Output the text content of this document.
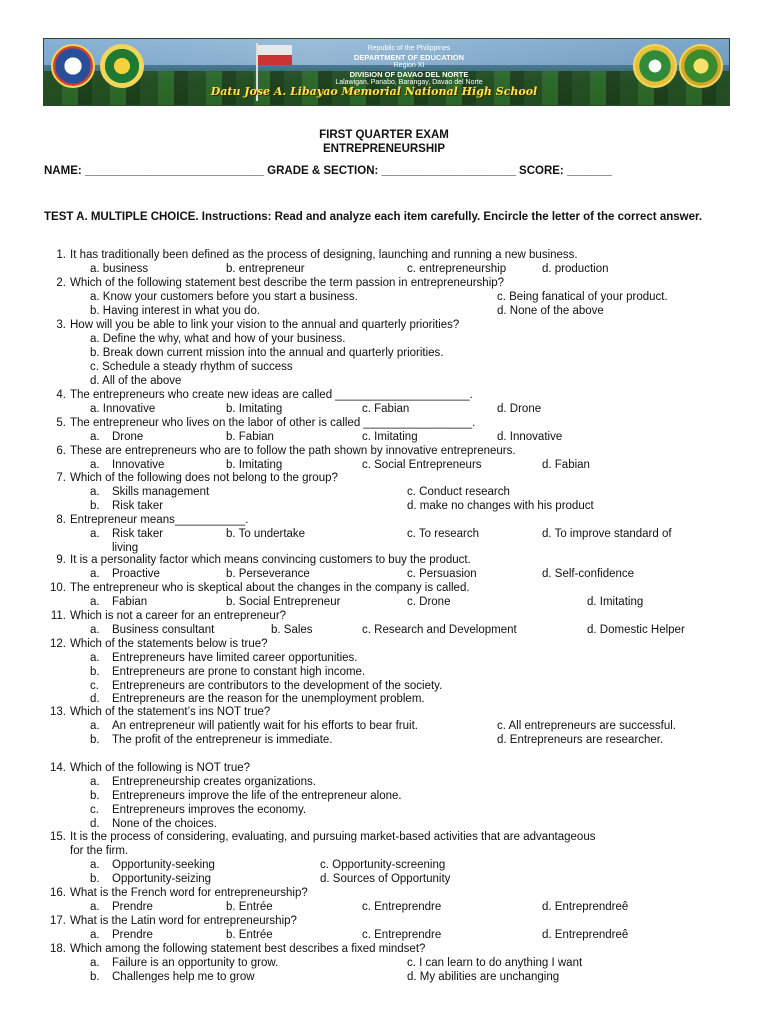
Republic of the Philippines
DEPARTMENT OF EDUCATION
Region XI
DIVISION OF DAVAO DEL NORTE
Lalawigan, Panabo, Barangay, Davao del Norte
Datu Jose A. Libayao Memorial National High School
FIRST QUARTER EXAM
ENTREPRENEURSHIP
NAME: ____________________________ GRADE & SECTION: _____________________ SCORE: _______
TEST A. MULTIPLE CHOICE. Instructions: Read and analyze each item carefully. Encircle the letter of the correct answer.
1. It has traditionally been defined as the process of designing, launching and running a new business.
a. business	b. entrepreneur	c. entrepreneurship	d. production
2. Which of the following statement best describe the term passion in entrepreneurship?
a. Know your customers before you start a business.	c. Being fanatical of your product.
b. Having interest in what you do.	d. None of the above
3. How will you be able to link your vision to the annual and quarterly priorities?
a. Define the why, what and how of your business.
b. Break down current mission into the annual and quarterly priorities.
c. Schedule a steady rhythm of success
d. All of the above
4. The entrepreneurs who create new ideas are called _____________________.
a. Innovative	b. Imitating	c. Fabian	d. Drone
5. The entrepreneur who lives on the labor of other is called _________________.
a. Drone	b. Fabian	c. Imitating	d. Innovative
6. These are entrepreneurs who are to follow the path shown by innovative entrepreneurs.
a. Innovative	b. Imitating	c. Social Entrepreneurs	d. Fabian
7. Which of the following does not belong to the group?
a. Skills management	c. Conduct research
b. Risk taker	d. make no changes with his product
8. Entrepreneur means___________.
a. Risk taker	b. To undertake	c. To research	d. To improve standard of
living
9. It is a personality factor which means convincing customers to buy the product.
a. Proactive	b. Perseverance	c. Persuasion	d. Self-confidence
10. The entrepreneur who is skeptical about the changes in the company is called.
a. Fabian	b. Social Entrepreneur	c. Drone	d. Imitating
11. Which is not a career for an entrepreneur?
a. Business consultant	b. Sales	c. Research and Development	d. Domestic Helper
12. Which of the statements below is true?
a. Entrepreneurs have limited career opportunities.
b. Entrepreneurs are prone to constant high income.
c. Entrepreneurs are contributors to the development of the society.
d. Entrepreneurs are the reason for the unemployment problem.
13. Which of the statement’s ins NOT true?
a. An entrepreneur will patiently wait for his efforts to bear fruit.	c. All entrepreneurs are successful.
b. The profit of the entrepreneur is immediate.	d. Entrepreneurs are researcher.
14. Which of the following is NOT true?
a. Entrepreneurship creates organizations.
b. Entrepreneurs improve the life of the entrepreneur alone.
c. Entrepreneurs improves the economy.
d. None of the choices.
15. It is the process of considering, evaluating, and pursuing market-based activities that are advantageous
for the firm.
a. Opportunity-seeking	c. Opportunity-screening
b. Opportunity-seizing	d. Sources of Opportunity
16. What is the French word for entrepreneurship?
a. Prendre	b. Entrée	c. Entreprendre	d. Entreprendreê
17. What is the Latin word for entrepreneurship?
a. Prendre	b. Entrée	c. Entreprendre	d. Entreprendreê
18. Which among the following statement best describes a fixed mindset?
a. Failure is an opportunity to grow.	c. I can learn to do anything I want
b. Challenges help me to grow	d. My abilities are unchanging
